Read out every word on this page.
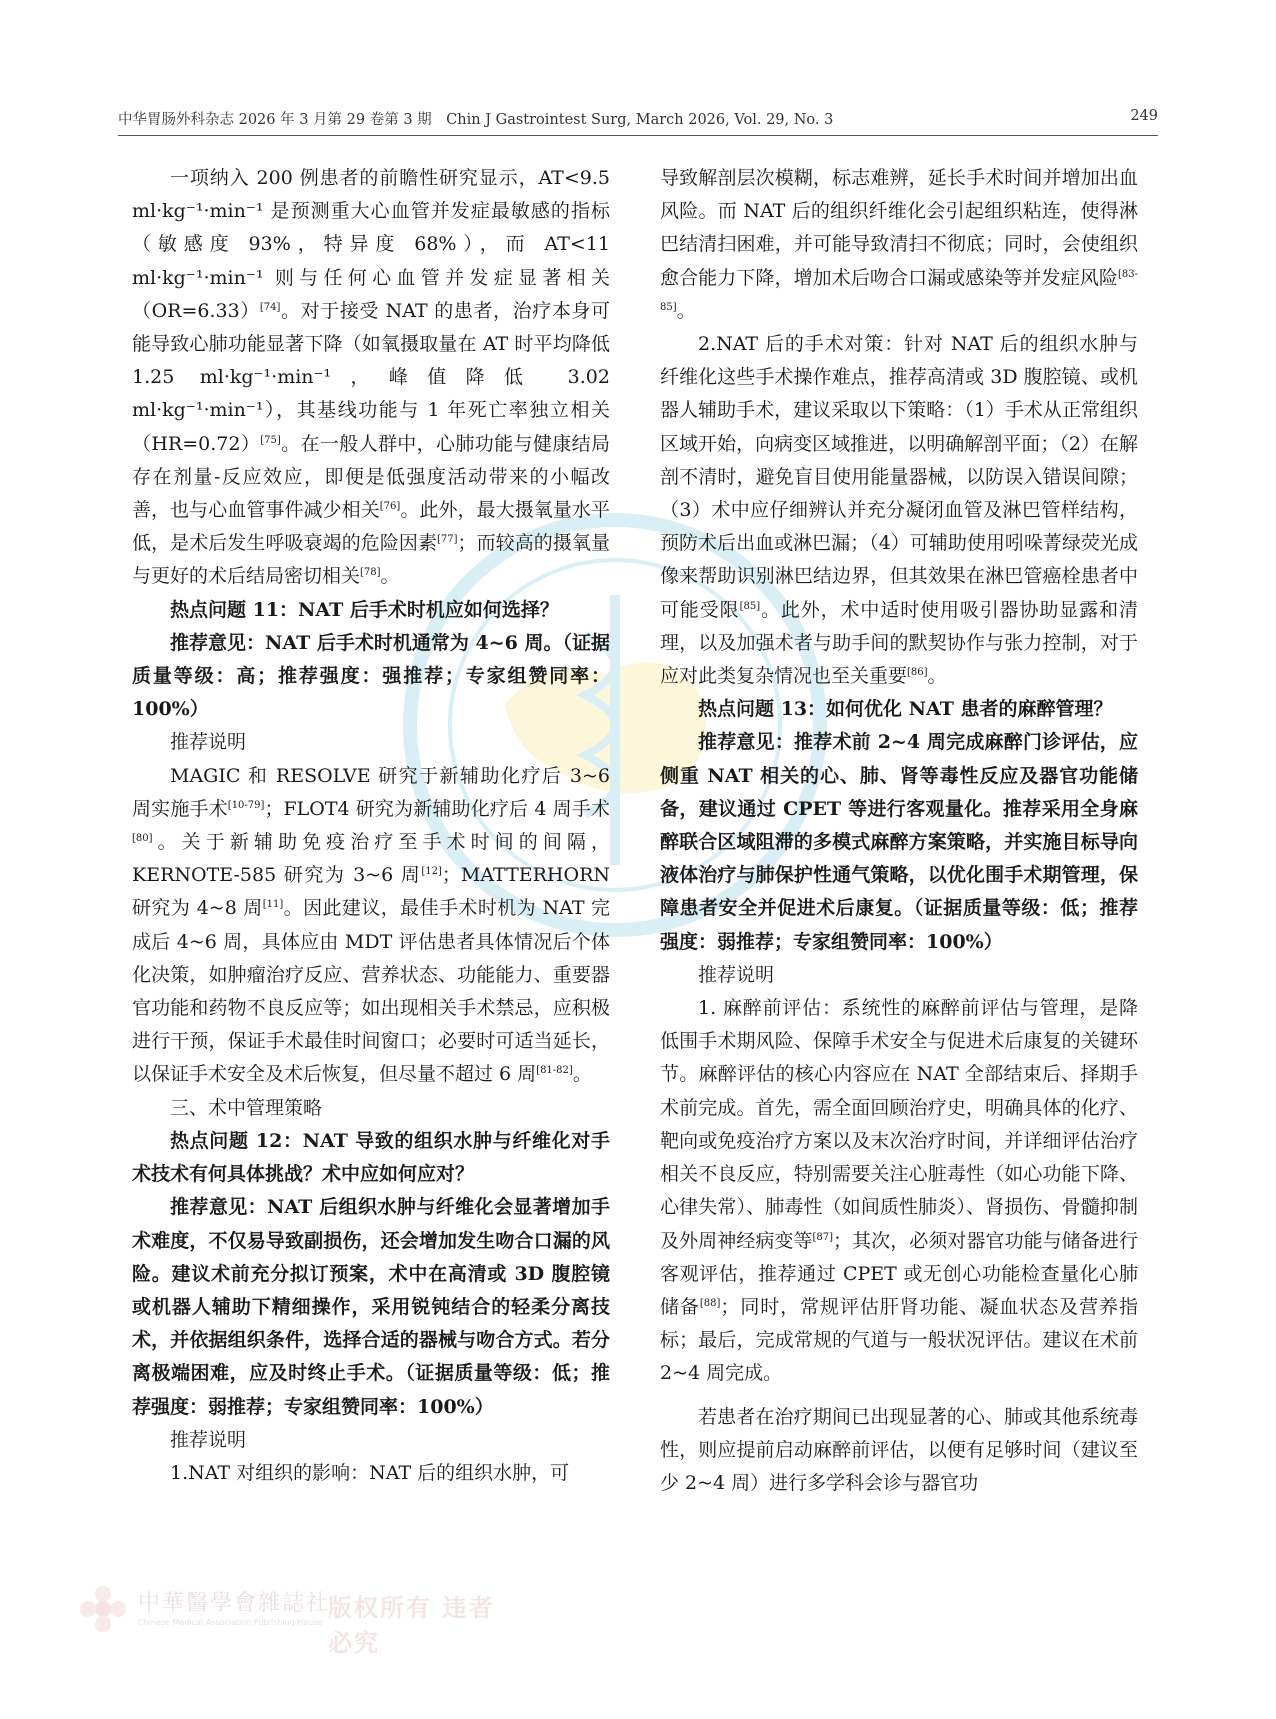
中华胃肠外科杂志 2026 年 3 月第 29 卷第 3 期　Chin J Gastrointest Surg, March 2026, Vol. 29, No. 3	249

一项纳入 200 例患者的前瞻性研究显示，AT<9.5 ml·kg⁻¹·min⁻¹ 是预测重大心血管并发症最敏感的指标（敏感度 93%，特异度 68%），而 AT<11 ml·kg⁻¹·min⁻¹ 则与任何心血管并发症显著相关（OR=6.33）[74]。对于接受 NAT 的患者，治疗本身可能导致心肺功能显著下降（如氧摄取量在 AT 时平均降低 1.25 ml·kg⁻¹·min⁻¹，峰值降低 3.02 ml·kg⁻¹·min⁻¹），其基线功能与 1 年死亡率独立相关（HR=0.72）[75]。在一般人群中，心肺功能与健康结局存在剂量-反应效应，即便是低强度活动带来的小幅改善，也与心血管事件减少相关[76]。此外，最大摄氧量水平低，是术后发生呼吸衰竭的危险因素[77]；而较高的摄氧量与更好的术后结局密切相关[78]。

热点问题 11：NAT 后手术时机应如何选择？

推荐意见：NAT 后手术时机通常为 4~6 周。（证据质量等级：高；推荐强度：强推荐；专家组赞同率：100%）

推荐说明

MAGIC 和 RESOLVE 研究于新辅助化疗后 3~6 周实施手术[10-79]；FLOT4 研究为新辅助化疗后 4 周手术[80]。关于新辅助免疫治疗至手术时间的间隔，KERNOTE-585 研究为 3~6 周[12]；MATTERHORN 研究为 4~8 周[11]。因此建议，最佳手术时机为 NAT 完成后 4~6 周，具体应由 MDT 评估患者具体情况后个体化决策，如肿瘤治疗反应、营养状态、功能能力、重要器官功能和药物不良反应等；如出现相关手术禁忌，应积极进行干预，保证手术最佳时间窗口；必要时可适当延长，以保证手术安全及术后恢复，但尽量不超过 6 周[81-82]。

三、术中管理策略

热点问题 12：NAT 导致的组织水肿与纤维化对手术技术有何具体挑战？术中应如何应对？

推荐意见：NAT 后组织水肿与纤维化会显著增加手术难度，不仅易导致副损伤，还会增加发生吻合口漏的风险。建议术前充分拟订预案，术中在高清或 3D 腹腔镜或机器人辅助下精细操作，采用锐钝结合的轻柔分离技术，并依据组织条件，选择合适的器械与吻合方式。若分离极端困难，应及时终止手术。（证据质量等级：低；推荐强度：弱推荐；专家组赞同率：100%）

推荐说明

1.NAT 对组织的影响：NAT 后的组织水肿，可

导致解剖层次模糊，标志难辨，延长手术时间并增加出血风险。而 NAT 后的组织纤维化会引起组织粘连，使得淋巴结清扫困难，并可能导致清扫不彻底；同时，会使组织愈合能力下降，增加术后吻合口漏或感染等并发症风险[83-85]。

2.NAT 后的手术对策：针对 NAT 后的组织水肿与纤维化这些手术操作难点，推荐高清或 3D 腹腔镜、或机器人辅助手术，建议采取以下策略：（1）手术从正常组织区域开始，向病变区域推进，以明确解剖平面；（2）在解剖不清时，避免盲目使用能量器械，以防误入错误间隙；（3）术中应仔细辨认并充分凝闭血管及淋巴管样结构，预防术后出血或淋巴漏；（4）可辅助使用吲哚菁绿荧光成像来帮助识别淋巴结边界，但其效果在淋巴管癌栓患者中可能受限[85]。此外，术中适时使用吸引器协助显露和清理，以及加强术者与助手间的默契协作与张力控制，对于应对此类复杂情况也至关重要[86]。

热点问题 13：如何优化 NAT 患者的麻醉管理？

推荐意见：推荐术前 2~4 周完成麻醉门诊评估，应侧重 NAT 相关的心、肺、肾等毒性反应及器官功能储备，建议通过 CPET 等进行客观量化。推荐采用全身麻醉联合区域阻滞的多模式麻醉方案策略，并实施目标导向液体治疗与肺保护性通气策略，以优化围手术期管理，保障患者安全并促进术后康复。（证据质量等级：低；推荐强度：弱推荐；专家组赞同率：100%）

推荐说明

1. 麻醉前评估：系统性的麻醉前评估与管理，是降低围手术期风险、保障手术安全与促进术后康复的关键环节。麻醉评估的核心内容应在 NAT 全部结束后、择期手术前完成。首先，需全面回顾治疗史，明确具体的化疗、靶向或免疫治疗方案以及末次治疗时间，并详细评估治疗相关不良反应，特别需要关注心脏毒性（如心功能下降、心律失常）、肺毒性（如间质性肺炎）、肾损伤、骨髓抑制及外周神经病变等[87]；其次，必须对器官功能与储备进行客观评估，推荐通过 CPET 或无创心功能检查量化心肺储备[88]；同时，常规评估肝肾功能、凝血状态及营养指标；最后，完成常规的气道与一般状况评估。建议在术前 2~4 周完成。

若患者在治疗期间已出现显著的心、肺或其他系统毒性，则应提前启动麻醉前评估，以便有足够时间（建议至少 2~4 周）进行多学科会诊与器官功

中華醫學會雜誌社
Chinese Medical Association Publishing House
版权所有 违者必究
